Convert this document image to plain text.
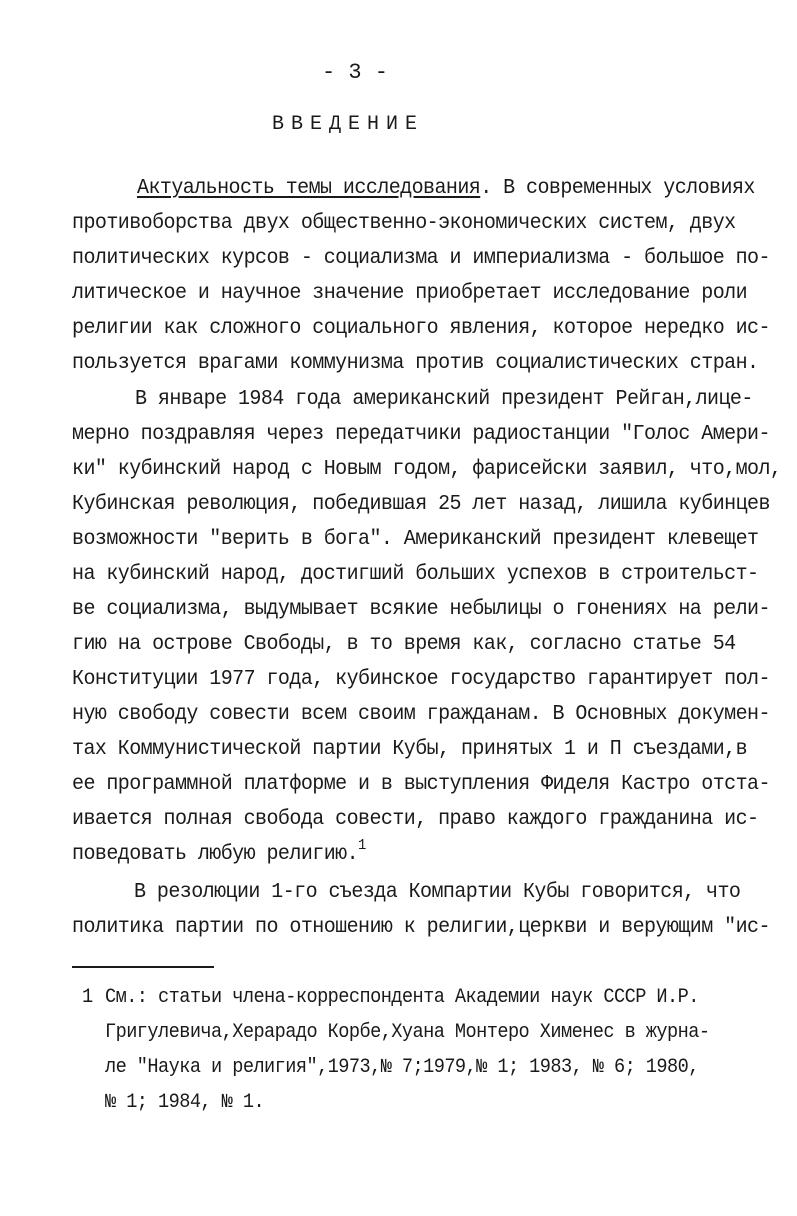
- 3 -
ВВЕДЕНИЕ
Актуальность темы исследования. В современных условиях
противоборства двух общественно-экономических систем, двух
политических курсов - социализма и империализма - большое по-
литическое и научное значение приобретает исследование роли
религии как сложного социального явления, которое нередко ис-
пользуется врагами коммунизма против социалистических стран.
В январе 1984 года американский президент Рейган,лице-
мерно поздравляя через передатчики радиостанции "Голос Амери-
ки" кубинский народ с Новым годом, фарисейски заявил, что,мол,
Кубинская революция, победившая 25 лет назад, лишила кубинцев
возможности "верить в бога". Американский президент клевещет
на кубинский народ, достигший больших успехов в строительст-
ве социализма, выдумывает всякие небылицы о гонениях на рели-
гию на острове Свободы, в то время как, согласно статье 54
Конституции 1977 года, кубинское государство гарантирует пол-
ную свободу совести всем своим гражданам. В Основных докумен-
тах Коммунистической партии Кубы, принятых 1 и П съездами,в
ее программной платформе и в выступления Фиделя Кастро отста-
ивается полная свобода совести, право каждого гражданина ис-
поведовать любую религию.$^1$
В резолюции 1-го съезда Компартии Кубы говорится, что
политика партии по отношению к религии,церкви и верующим "ис-
1 См.: статьи члена-корреспондента Академии наук СССР И.Р.
Григулевича,Херарадо Корбе,Хуана Монтеро Хименес в журна-
ле "Наука и религия",1973,№ 7;1979,№ 1; 1983, № 6; 1980,
№ 1; 1984, № 1.
